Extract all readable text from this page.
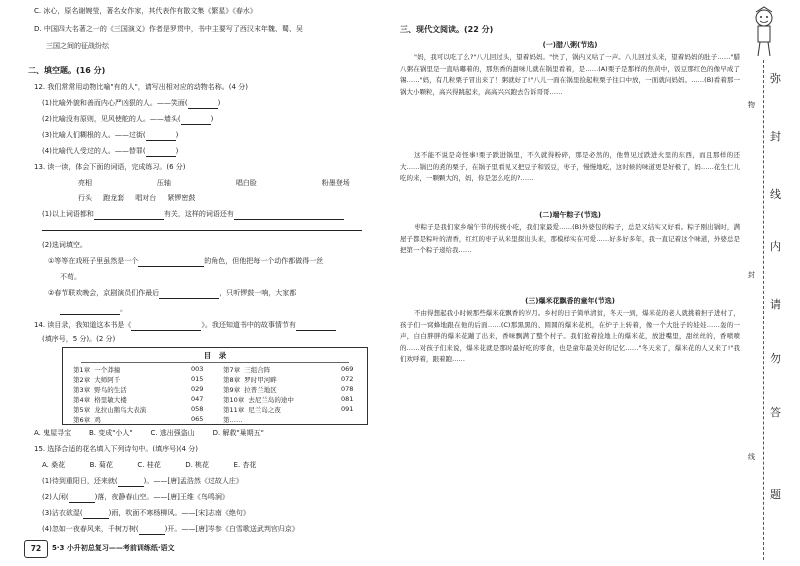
C. 冰心，原名谢婉莹，著名女作家，其代表作有散文集《繁星》《春水》
D. 中国四大名著之一的《三国演义》作者是罗贯中，书中主要写了西汉末年魏、蜀、吴
三国之间的征战纷纭
二、填空题。(16 分)
12. 我们常常用动物比喻"有的人"，请写出相对应的动物名称。(4 分)
(1)比喻外貌和善而内心严凶狠的人。——笑面(	)
(2)比喻没有原则，见风使舵的人。——墙头(	)
(3)比喻人们糊根的人。——过街(	)
(4)比喻代人受过的人。——替罪(	)
13. 读一读，体会下面的词语，完成练习。(6 分)
亮相	压轴	唱白脸	粉墨登场
行头 跑龙套 唱对台 紧锣密鼓
(1)以上词语都和	有关，这样的词语还有
(2)选词填空。
①等等在戏班子里虽然是一个	的角色，但他把每一个动作都做得一丝
不苟。
②春节联欢晚会，京剧演员们作最后	，只听锣鼓一响，大家都
。
14. 读目录，我知道这本书是《	》。我还知道书中的故事情节有
(填序号，5 分)。(2 分)
目　录
第1章 一个莽撞	003
第2章 大师阿千	015
第3章 野鸟的生活	029
第4章 格里敏大楼	047
第5章 龙拉山鹅鸟大表演	058
第6章 鸡	065
第7章 三组合阵	069
第8章 罗时甲河畔	072
第9章 拉普兰地区	078
第10章 去尼兰岛的途中	081
第11章 尼兰岛之夜	091
第……
A. 鬼屋寻宝	B. 变成"小人"	C. 逃出强盗山	D. 解救"巢期五"
15. 选择合适的花名填入下列诗句中。(填序号)(4 分)
A. 桑花	B. 菊花	C. 桂花	D. 桃花	E. 杏花
(1)待到重阳日，还来就(	)。——[唐]孟浩然《过故人庄》
(2)人闲(	)落，夜静春山空。——[唐]王维《鸟鸣涧》
(3)沾衣欲湿(	)雨，吹面不寒杨柳风。——[宋]志南《绝句》
(4)忽如一夜春风来，千树万树(	)开。——[唐]岑参《白雪歌送武判官归京》
72	5·3 小升初总复习——考前训练纸·语文
三、现代文阅读。(22 分)
(一)腊八粥(节选)
"妈，我可以吃了么?"八儿回过头，望着妈妈。"快了，锅内又咕了一声。八儿回过头来，望着妈妈的肚子……"腊八粥在锅里是一直咕嘟着的，那焦香的甜味儿就在锅里看着，是……(A)栗子是那样的焦黄中，饭豆那红色的像早成了锡……"妈，有几粒栗子冒出来了！粥就好了!"八儿一面在锅里捡起粒栗子往口中放，一面就问妈妈。……(B)看着那一锅大小颗粒，高兴得跳起来，高高兴兴跑去告诉哥哥……
这不能不说是奇怪事!栗子跌进锅里，不久就得粉碎，那是必然的，他曾见过跌进火里的东西，而且那样的还大……锅巴的煮的栗子，在锅子里看见又把豆子和饭豆，枣子，慢慢地吃，这时候的味道更是好极了，妈……花生仁儿吃的来，一颗颗大的，妈，你是怎么吃的?……
(二)端午粽子(节选)
枣粽子是我们家乡端午节的传统小吃，我们家最爱……(B)外婆包的粽子，总是又结实又好看。粽子刚出锅时，满屋子都是粽叶的清香，红红的枣子从米里探出头来，那模样实在可爱……好多好多年，我一直记着这个味道，外婆总是把第一个粽子递给我……
(三)爆米花飘香的童年(节选)
不由得想起我小时候那些爆米花飘香的岁月。乡村的日子简单清贫，冬天一到，爆米花的老人就挑着担子进村了，孩子们一窝蜂地跟在他的后面……(C)那黑黑的、圆圆的爆米花机，在炉子上转着，像一个大肚子的娃娃……轰的一声，白白胖胖的爆米花蹦了出来，香味飘满了整个村子。我们抢着捡地上的爆米花，放进嘴里，甜丝丝的，香喷喷的……对孩子们来说，爆米花就是那时最好吃的零食，也是童年最美好的记忆……"冬天来了，爆米花的人又来了!"我们欢呼着，跟着跑……
弥
物
封
线
内
封
请
勿
答
线
题
